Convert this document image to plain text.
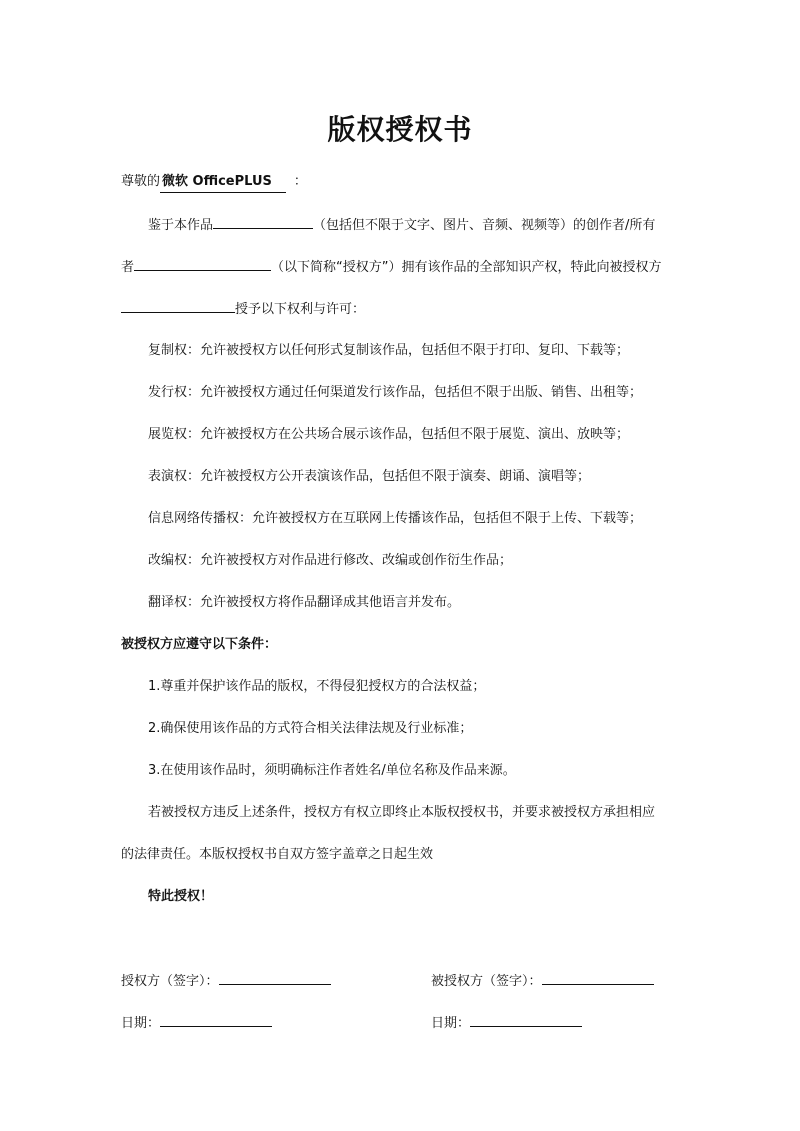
版权授权书
尊敬的 微软 OfficePLUS ：
鉴于本作品	（包括但不限于文字、图片、音频、视频等）的创作者/所有
者	（以下简称“授权方”）拥有该作品的全部知识产权，特此向被授权方
授予以下权利与许可：
复制权：允许被授权方以任何形式复制该作品，包括但不限于打印、复印、下载等；
发行权：允许被授权方通过任何渠道发行该作品，包括但不限于出版、销售、出租等；
展览权：允许被授权方在公共场合展示该作品，包括但不限于展览、演出、放映等；
表演权：允许被授权方公开表演该作品，包括但不限于演奏、朗诵、演唱等；
信息网络传播权：允许被授权方在互联网上传播该作品，包括但不限于上传、下载等；
改编权：允许被授权方对作品进行修改、改编或创作衍生作品；
翻译权：允许被授权方将作品翻译成其他语言并发布。
被授权方应遵守以下条件：
1.尊重并保护该作品的版权，不得侵犯授权方的合法权益；
2.确保使用该作品的方式符合相关法律法规及行业标准；
3.在使用该作品时，须明确标注作者姓名/单位名称及作品来源。
若被授权方违反上述条件，授权方有权立即终止本版权授权书，并要求被授权方承担相应
的法律责任。本版权授权书自双方签字盖章之日起生效
特此授权！
授权方（签字）：	被授权方（签字）：
日期：	日期：
